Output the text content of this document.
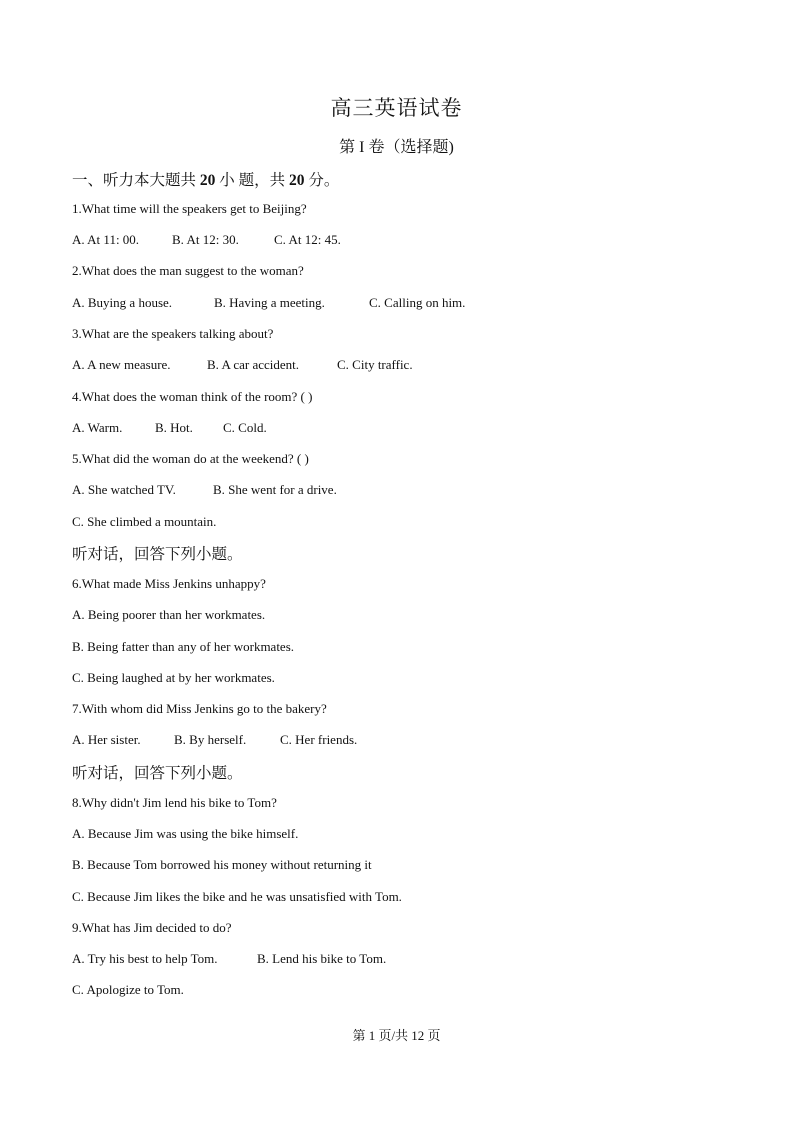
高三英语试卷
第 I 卷（选择题)
一、听力本大题共 20 小 题，共 20 分。
1.What time will the speakers get to Beijing?
A. At 11: 00.	B. At 12: 30.	C. At 12: 45.
2.What does the man suggest to the woman?
A. Buying a house.	B. Having a meeting.	C. Calling on him.
3.What are the speakers talking about?
A. A new measure.	B. A car accident.	C. City traffic.
4.What does the woman think of the room? ( )
A. Warm.	B. Hot. C. Cold.
5.What did the woman do at the weekend? ( )
A. She watched TV.	B. She went for a drive.
C. She climbed a mountain.
听对话，回答下列小题。
6.What made Miss Jenkins unhappy?
A. Being poorer than her workmates.
B. Being fatter than any of her workmates.
C. Being laughed at by her workmates.
7.With whom did Miss Jenkins go to the bakery?
A. Her sister.	B. By herself.	C. Her friends.
听对话，回答下列小题。
8.Why didn't Jim lend his bike to Tom?
A. Because Jim was using the bike himself.
B. Because Tom borrowed his money without returning it
C. Because Jim likes the bike and he was unsatisfied with Tom.
9.What has Jim decided to do?
A. Try his best to help Tom.	B. Lend his bike to Tom.
C. Apologize to Tom.
第 1 页/共 12 页
